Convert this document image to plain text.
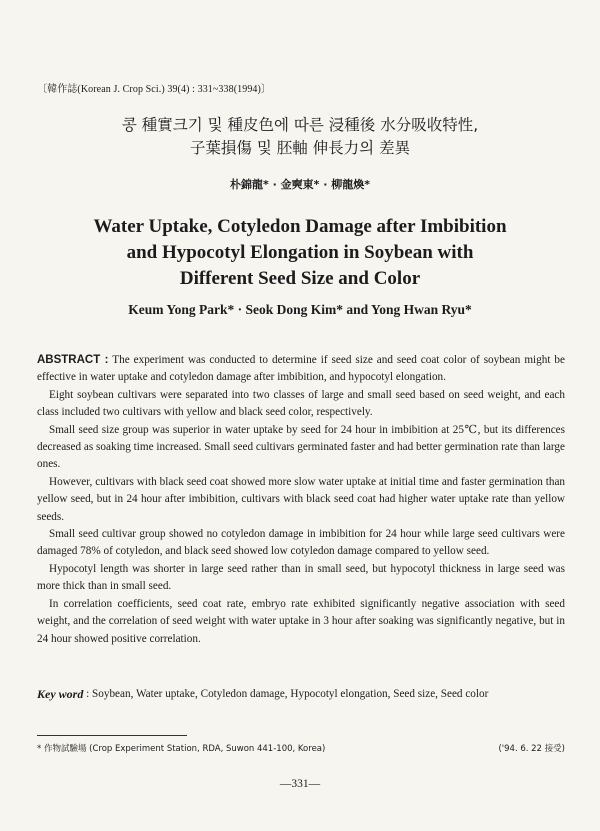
〔韓作誌(Korean J. Crop Sci.) 39(4) : 331~338(1994)〕
콩 種實크기 및 種皮色에 따른 浸種後 水分吸收特性,
子葉損傷 및 胚軸 伸長力의 差異
朴錦龍* · 金奭東* · 柳龍煥*
Water Uptake, Cotyledon Damage after Imbibition
and Hypocotyl Elongation in Soybean with
Different Seed Size and Color
Keum Yong Park* · Seok Dong Kim* and Yong Hwan Ryu*

ABSTRACT : The experiment was conducted to determine if seed size and seed coat color of soybean might be effective in water uptake and cotyledon damage after imbibition, and hypocotyl elongation.

Eight soybean cultivars were separated into two classes of large and small seed based on seed weight, and each class included two cultivars with yellow and black seed color, respectively.

Small seed size group was superior in water uptake by seed for 24 hour in imbibition at 25℃, but its differences decreased as soaking time increased. Small seed cultivars germinated faster and had better germination rate than large ones.

However, cultivars with black seed coat showed more slow water uptake at initial time and faster germination than yellow seed, but in 24 hour after imbibition, cultivars with black seed coat had higher water uptake rate than yellow seeds.

Small seed cultivar group showed no cotyledon damage in imbibition for 24 hour while large seed cultivars were damaged 78% of cotyledon, and black seed showed low cotyledon damage compared to yellow seed.

Hypocotyl length was shorter in large seed rather than in small seed, but hypocotyl thickness in large seed was more thick than in small seed.

In correlation coefficients, seed coat rate, embryo rate exhibited significantly negative association with seed weight, and the correlation of seed weight with water uptake in 3 hour after soaking was significantly negative, but in 24 hour showed positive correlation.

Key word : Soybean, Water uptake, Cotyledon damage, Hypocotyl elongation, Seed size, Seed color
* 作物試驗場 (Crop Experiment Station, RDA, Suwon 441-100, Korea)	('94. 6. 22 接受)
—331—
